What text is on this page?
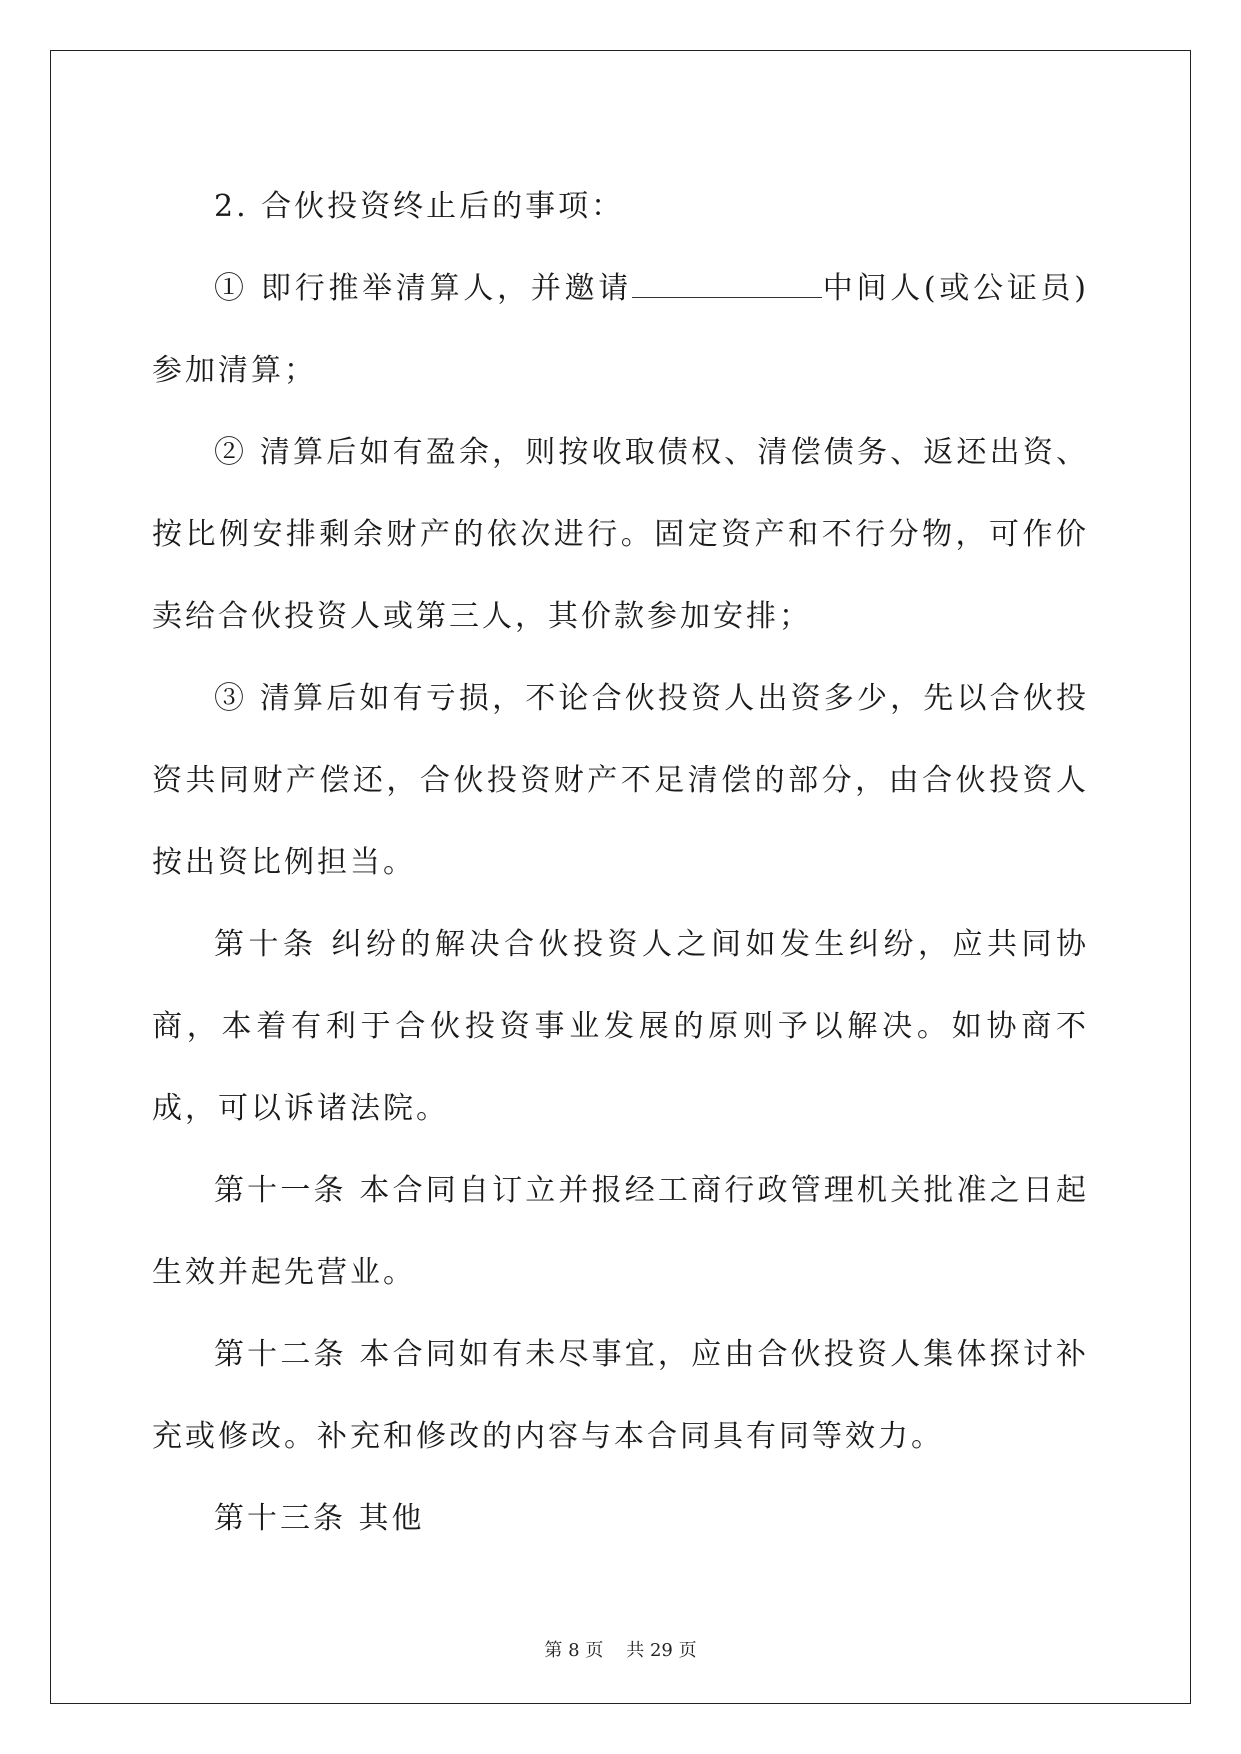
2. 合伙投资终止后的事项：

① 即行推举清算人，并邀请	中间人(或公证员)参加清算；

② 清算后如有盈余，则按收取债权、清偿债务、返还出资、按比例安排剩余财产的依次进行。固定资产和不行分物，可作价卖给合伙投资人或第三人，其价款参加安排；

③ 清算后如有亏损，不论合伙投资人出资多少，先以合伙投资共同财产偿还，合伙投资财产不足清偿的部分，由合伙投资人按出资比例担当。

第十条 纠纷的解决合伙投资人之间如发生纠纷，应共同协商，本着有利于合伙投资事业发展的原则予以解决。如协商不成，可以诉诸法院。

第十一条 本合同自订立并报经工商行政管理机关批准之日起生效并起先营业。

第十二条 本合同如有未尽事宜，应由合伙投资人集体探讨补充或修改。补充和修改的内容与本合同具有同等效力。

第十三条 其他

第 8 页 共 29 页
